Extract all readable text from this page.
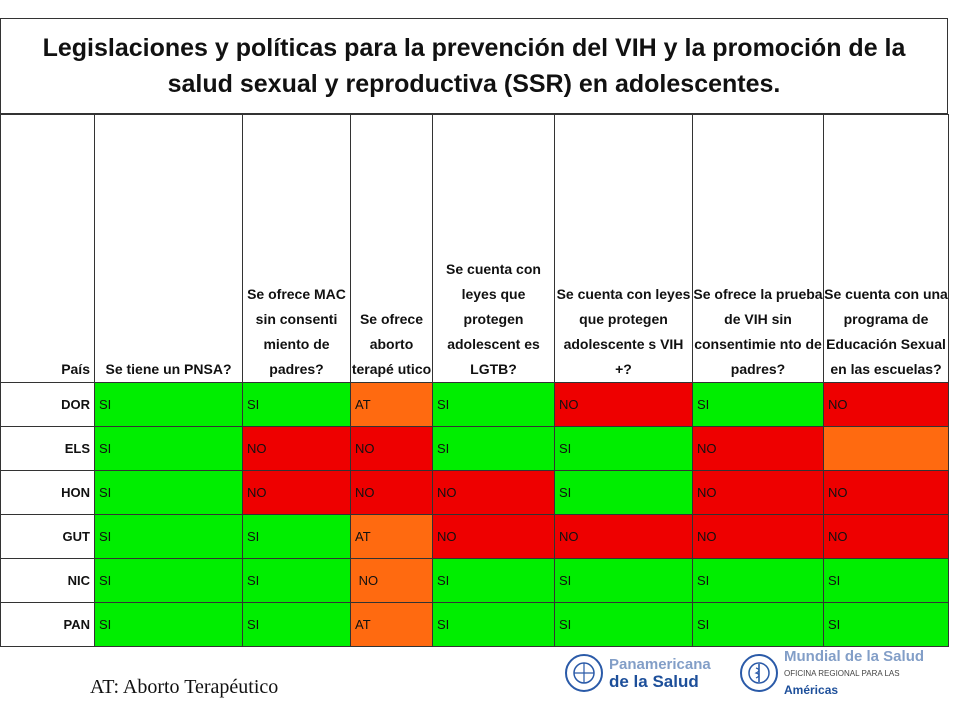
Legislaciones y políticas para la prevención del VIH y la promoción de la salud sexual y reproductiva (SSR) en adolescentes.
País	Se tiene un PNSA?	Se ofrece MAC sin consenti miento de padres?	Se ofrece aborto terapé utico	Se cuenta con leyes que protegen adolescent es LGTB?	Se cuenta con leyes que protegen adolescente s VIH +?	Se ofrece la prueba de VIH sin consentimie nto de padres?	Se cuenta con una programa de Educación Sexual en las escuelas?
DOR	SI	SI	AT	SI	NO	SI	NO
ELS	SI	NO	NO	SI	SI	NO	
HON	SI	NO	NO	NO	SI	NO	NO
GUT	SI	SI	AT	NO	NO	NO	NO
NIC	SI	SI	NO	SI	SI	SI	SI
PAN	SI	SI	AT	SI	SI	SI	SI
Panamericana
de la Salud
Mundial de la Salud
OFICINA REGIONAL PARA LAS
Américas
AT: Aborto Terapéutico
